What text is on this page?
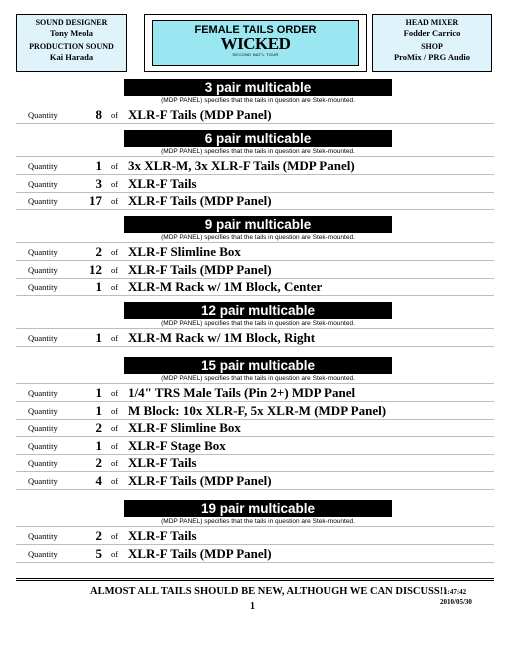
SOUND DESIGNER
Tony Meola
PRODUCTION SOUND
Kai Harada
FEMALE TAILS ORDER
WICKED
SECOND NAT'L TOUR
HEAD MIXER
Fodder Carrico
SHOP
ProMix / PRG Audio
3 pair multicable
(MDP PANEL) specifies that the tails in question are Stek-mounted.
Quantity	8 of XLR-F Tails (MDP Panel)
6 pair multicable
(MDP PANEL) specifies that the tails in question are Stek-mounted.
Quantity	1 of 3x XLR-M, 3x XLR-F Tails (MDP Panel)
Quantity	3 of XLR-F Tails
Quantity	17 of XLR-F Tails (MDP Panel)
9 pair multicable
(MDP PANEL) specifies that the tails in question are Stek-mounted.
Quantity	2 of XLR-F Slimline Box
Quantity	12 of XLR-F Tails (MDP Panel)
Quantity	1 of XLR-M Rack w/ 1M Block, Center
12 pair multicable
(MDP PANEL) specifies that the tails in question are Stek-mounted.
Quantity	1 of XLR-M Rack w/ 1M Block, Right
15 pair multicable
(MDP PANEL) specifies that the tails in question are Stek-mounted.
Quantity	1 of 1/4" TRS Male Tails (Pin 2+) MDP Panel
Quantity	1 of M Block: 10x XLR-F, 5x XLR-M (MDP Panel)
Quantity	2 of XLR-F Slimline Box
Quantity	1 of XLR-F Stage Box
Quantity	2 of XLR-F Tails
Quantity	4 of XLR-F Tails (MDP Panel)
19 pair multicable
(MDP PANEL) specifies that the tails in question are Stek-mounted.
Quantity	2 of XLR-F Tails
Quantity	5 of XLR-F Tails (MDP Panel)
ALMOST ALL TAILS SHOULD BE NEW, ALTHOUGH WE CAN DISCUSS!!
1:47:42
2010/05/30
1
